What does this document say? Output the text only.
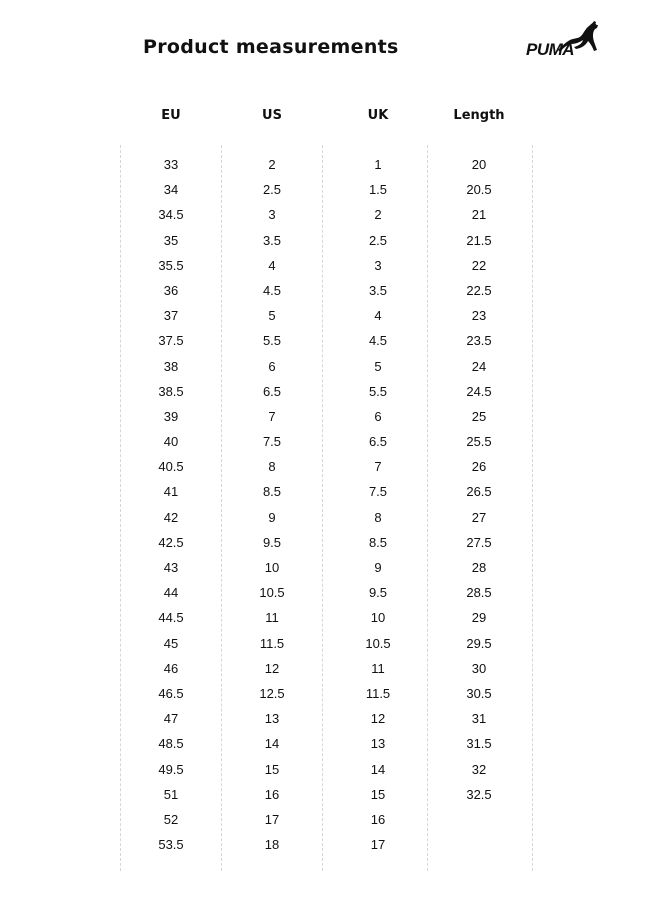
Product measurements	PUMA
EU
33
34
34.5
35
35.5
36
37
37.5
38
38.5
39
40
40.5
41
42
42.5
43
44
44.5
45
46
46.5
47
48.5
49.5
51
52
53.5
US
2
2.5
3
3.5
4
4.5
5
5.5
6
6.5
7
7.5
8
8.5
9
9.5
10
10.5
11
11.5
12
12.5
13
14
15
16
17
18
UK
1
1.5
2
2.5
3
3.5
4
4.5
5
5.5
6
6.5
7
7.5
8
8.5
9
9.5
10
10.5
11
11.5
12
13
14
15
16
17
Length
20
20.5
21
21.5
22
22.5
23
23.5
24
24.5
25
25.5
26
26.5
27
27.5
28
28.5
29
29.5
30
30.5
31
31.5
32
32.5
